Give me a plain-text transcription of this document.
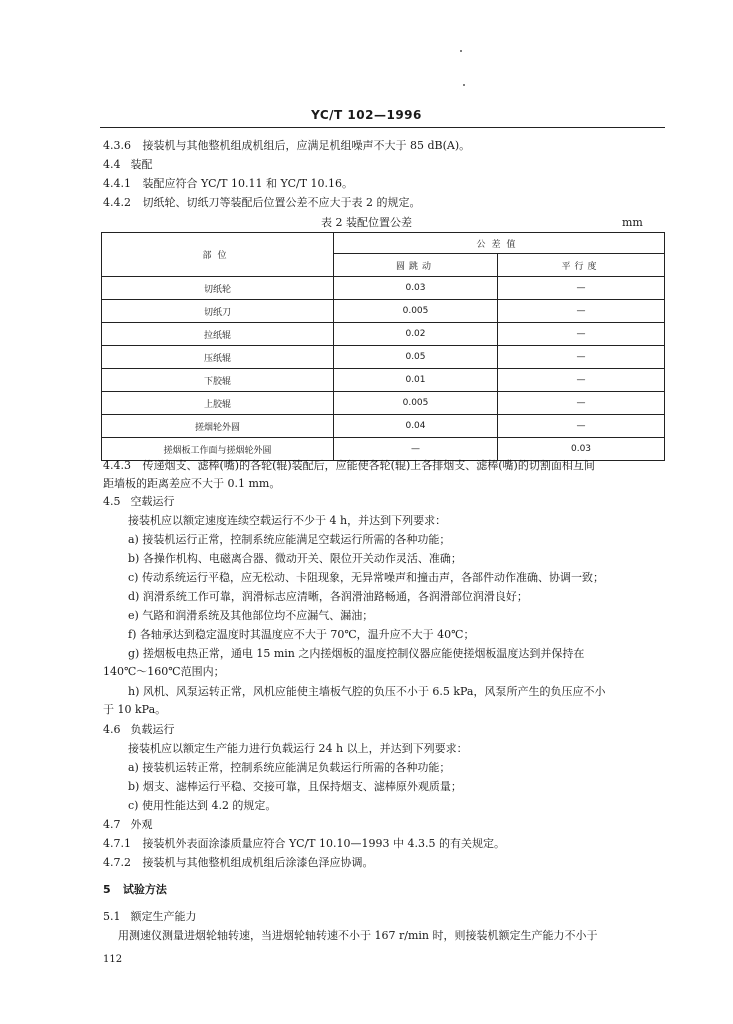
YC/T 102—1996
4.3.6 接装机与其他整机组成机组后，应满足机组噪声不大于 85 dB(A)。
4.4 装配
4.4.1 装配应符合 YC/T 10.11 和 YC/T 10.16。
4.4.2 切纸轮、切纸刀等装配后位置公差不应大于表 2 的规定。
表 2 装配位置公差	mm
部位	公差值	
	圆跳动	平行度
切纸轮	0.03	—
切纸刀	0.005	—
拉纸辊	0.02	—
压纸辊	0.05	—
下胶辊	0.01	—
上胶辊	0.005	—
搓烟轮外圆	0.04	—
搓烟板工作面与搓烟轮外圆	—	0.03
4.4.3 传递烟支、滤棒(嘴)的各轮(辊)装配后，应能使各轮(辊)上各排烟支、滤棒(嘴)的切割面相互间
距墙板的距离差应不大于 0.1 mm。
4.5 空载运行
接装机应以额定速度连续空载运行不少于 4 h，并达到下列要求：
a) 接装机运行正常，控制系统应能满足空载运行所需的各种功能；
b) 各操作机构、电磁离合器、微动开关、限位开关动作灵活、准确；
c) 传动系统运行平稳，应无松动、卡阻现象，无异常噪声和撞击声，各部件动作准确、协调一致；
d) 润滑系统工作可靠，润滑标志应清晰，各润滑油路畅通，各润滑部位润滑良好；
e) 气路和润滑系统及其他部位均不应漏气、漏油；
f) 各轴承达到稳定温度时其温度应不大于 70℃，温升应不大于 40℃；
g) 搓烟板电热正常，通电 15 min 之内搓烟板的温度控制仪器应能使搓烟板温度达到并保持在
140℃～160℃范围内；
h) 风机、风泵运转正常，风机应能使主墙板气腔的负压不小于 6.5 kPa，风泵所产生的负压应不小
于 10 kPa。
4.6 负载运行
接装机应以额定生产能力进行负载运行 24 h 以上，并达到下列要求：
a) 接装机运转正常，控制系统应能满足负载运行所需的各种功能；
b) 烟支、滤棒运行平稳、交接可靠，且保持烟支、滤棒原外观质量；
c) 使用性能达到 4.2 的规定。
4.7 外观
4.7.1 接装机外表面涂漆质量应符合 YC/T 10.10—1993 中 4.3.5 的有关规定。
4.7.2 接装机与其他整机组成机组后涂漆色泽应协调。
5 试验方法
5.1 额定生产能力
用测速仪测量进烟轮轴转速，当进烟轮轴转速不小于 167 r/min 时，则接装机额定生产能力不小于
112
